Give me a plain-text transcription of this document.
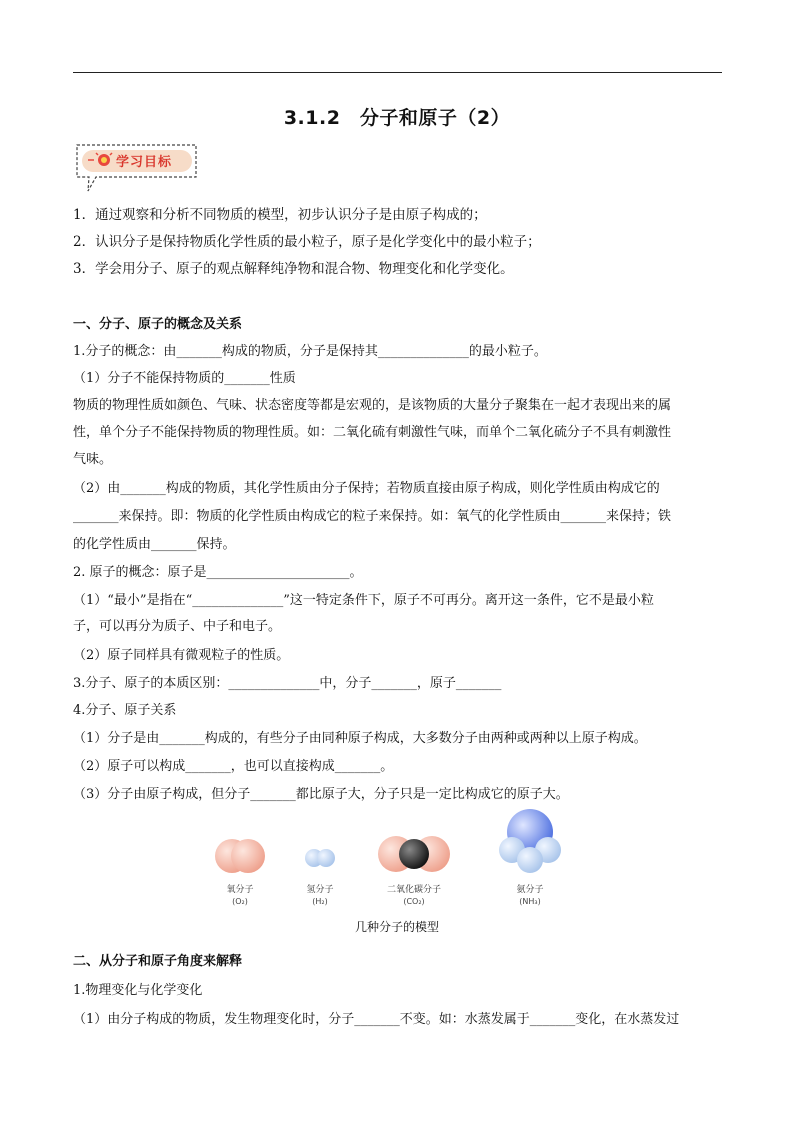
3.1.2　分子和原子（2）
学习目标
1．通过观察和分析不同物质的模型，初步认识分子是由原子构成的；
2．认识分子是保持物质化学性质的最小粒子，原子是化学变化中的最小粒子；
3．学会用分子、原子的观点解释纯净物和混合物、物理变化和化学变化。
一、分子、原子的概念及关系
1.分子的概念：由_______构成的物质，分子是保持其______________的最小粒子。
（1）分子不能保持物质的_______性质
物质的物理性质如颜色、气味、状态密度等都是宏观的，是该物质的大量分子聚集在一起才表现出来的属
性，单个分子不能保持物质的物理性质。如：二氧化硫有刺激性气味，而单个二氧化硫分子不具有刺激性
气味。
（2）由_______构成的物质，其化学性质由分子保持；若物质直接由原子构成，则化学性质由构成它的
_______来保持。即：物质的化学性质由构成它的粒子来保持。如：氧气的化学性质由_______来保持；铁
的化学性质由_______保持。
2. 原子的概念：原子是______________________。
（1）“最小”是指在“______________”这一特定条件下，原子不可再分。离开这一条件，它不是最小粒
子，可以再分为质子、中子和电子。
（2）原子同样具有微观粒子的性质。
3.分子、原子的本质区别：______________中，分子_______，原子_______
4.分子、原子关系
（1）分子是由_______构成的，有些分子由同种原子构成，大多数分子由两种或两种以上原子构成。
（2）原子可以构成_______，也可以直接构成_______。
（3）分子由原子构成，但分子_______都比原子大，分子只是一定比构成它的原子大。
氧分子
(O₂)
氢分子
(H₂)
二氧化碳分子
(CO₂)
氨分子
(NH₃)
几种分子的模型
二、从分子和原子角度来解释
1.物理变化与化学变化
（1）由分子构成的物质，发生物理变化时，分子_______不变。如：水蒸发属于_______变化，在水蒸发过
